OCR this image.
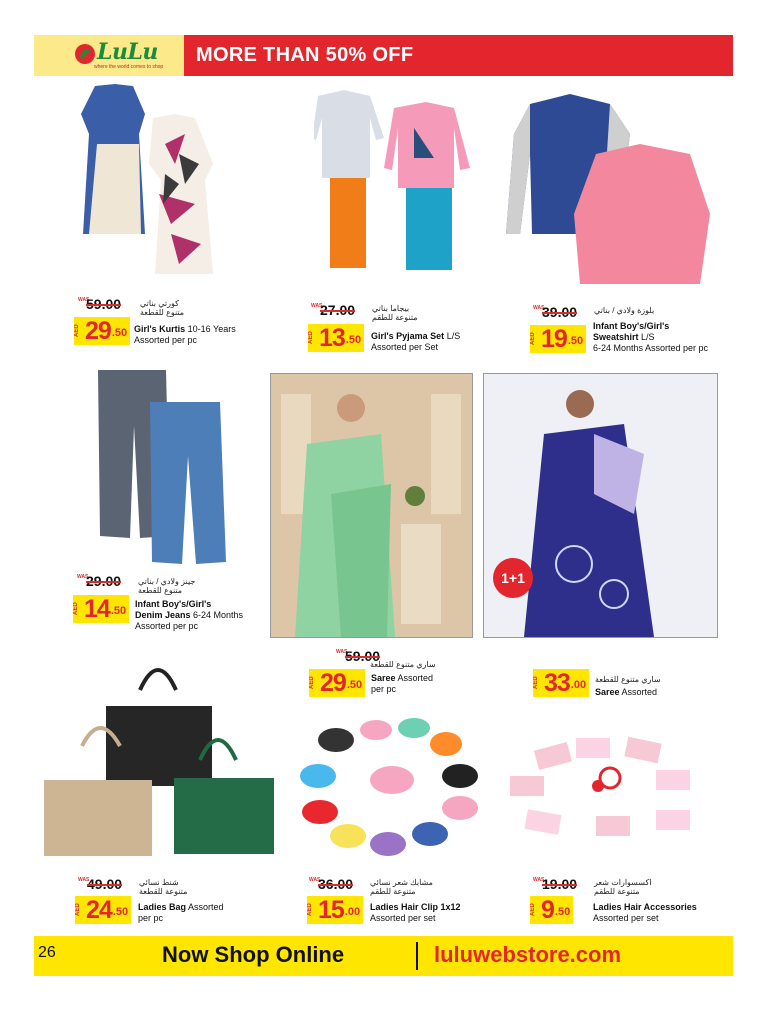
LuLu
where the world comes to shop
MORE THAN 50% OFF
WAS
59.00	كورتي بناتي
متنوع للقطعة
AED 29 .50 Girl's Kurtis 10-16 Years
Assorted per pc
WAS
27.00	بيجاما بناتي
متنوعة للطقم
AED 13 .50	Girl's Pyjama Set L/S
Assorted per Set
WAS
39.00 بلوزة ولادي / بناتي
AED 19 .50
Infant Boy's/Girl's
Sweatshirt L/S
6-24 Months Assorted per pc
1+1
WAS
29.00	جينز ولادي / بناتي
متنوع للقطعة
AED 14 .50
Infant Boy's/Girl's
Denim Jeans 6-24 Months
Assorted per pc
WAS
59.00
ساري متنوع للقطعة
AED 29 .50
Saree Assorted
per pc
ساري متنوع للقطعة
AED 33 .00
Saree Assorted
WAS
49.00	شنط نسائي
متنوعة للقطعة
AED 24 .50	Ladies Bag Assorted
per pc
WAS
36.00	مشابك شعر نسائي
متنوعة للطقم
AED 15 .00	Ladies Hair Clip 1x12
Assorted per set
WAS
19.00	اكسسوارات شعر
متنوعة للطقم
AED 9 .50	Ladies Hair Accessories
Assorted per set
26	Now Shop Online	luluwebstore.com
